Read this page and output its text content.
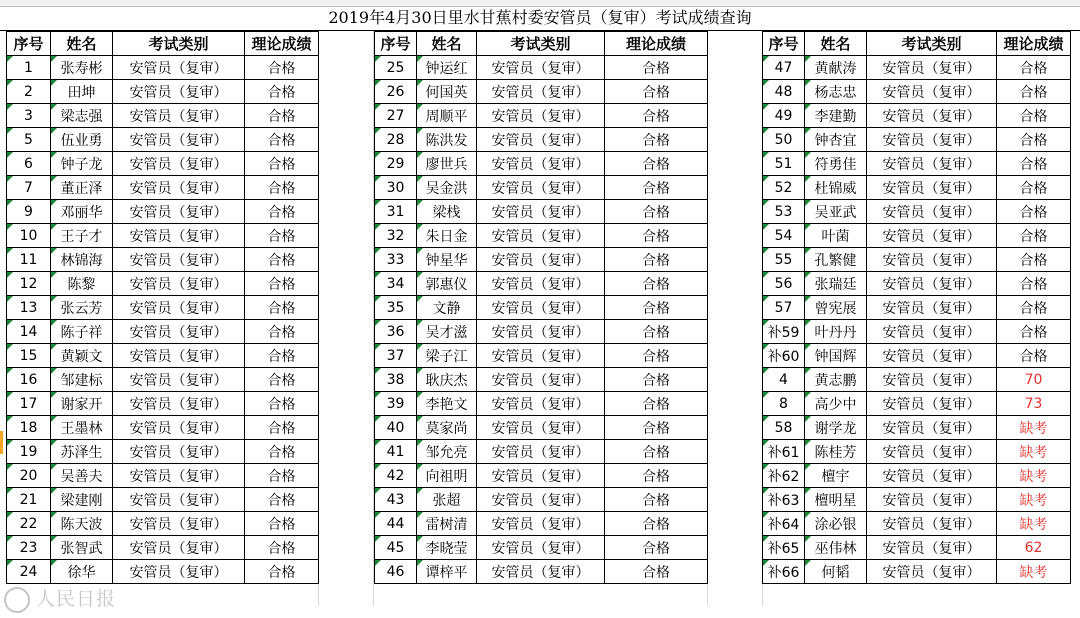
2019年4月30日里水甘蕉村委安管员（复审）考试成绩查询
序号	姓名	考试类别	理论成绩
1	张寿彬	安管员（复审）	合格
2	田坤	安管员（复审）	合格
3	梁志强	安管员（复审）	合格
5	伍业勇	安管员（复审）	合格
6	钟子龙	安管员（复审）	合格
7	董正泽	安管员（复审）	合格
9	邓丽华	安管员（复审）	合格
10	王子才	安管员（复审）	合格
11	林锦海	安管员（复审）	合格
12	陈黎	安管员（复审）	合格
13	张云芳	安管员（复审）	合格
14	陈子祥	安管员（复审）	合格
15	黄颖文	安管员（复审）	合格
16	邹建标	安管员（复审）	合格
17	谢家开	安管员（复审）	合格
18	王墨林	安管员（复审）	合格
19	苏泽生	安管员（复审）	合格
20	吴善夫	安管员（复审）	合格
21	梁建刚	安管员（复审）	合格
22	陈天波	安管员（复审）	合格
23	张智武	安管员（复审）	合格
24	徐华	安管员（复审）	合格
序号	姓名	考试类别	理论成绩
25	钟运红	安管员（复审）	合格
26	何国英	安管员（复审）	合格
27	周顺平	安管员（复审）	合格
28	陈洪发	安管员（复审）	合格
29	廖世兵	安管员（复审）	合格
30	吴金洪	安管员（复审）	合格
31	梁栈	安管员（复审）	合格
32	朱日金	安管员（复审）	合格
33	钟星华	安管员（复审）	合格
34	郭惠仪	安管员（复审）	合格
35	文静	安管员（复审）	合格
36	吴才滋	安管员（复审）	合格
37	梁子江	安管员（复审）	合格
38	耿庆杰	安管员（复审）	合格
39	李艳文	安管员（复审）	合格
40	莫家尚	安管员（复审）	合格
41	邹允亮	安管员（复审）	合格
42	向祖明	安管员（复审）	合格
43	张超	安管员（复审）	合格
44	雷树清	安管员（复审）	合格
45	李晓莹	安管员（复审）	合格
46	谭梓平	安管员（复审）	合格
序号	姓名	考试类别	理论成绩
47	黄献涛	安管员（复审）	合格
48	杨志忠	安管员（复审）	合格
49	李建勤	安管员（复审）	合格
50	钟杏宜	安管员（复审）	合格
51	符勇佳	安管员（复审）	合格
52	杜锦威	安管员（复审）	合格
53	吴亚武	安管员（复审）	合格
54	叶菌	安管员（复审）	合格
55	孔繁健	安管员（复审）	合格
56	张瑞廷	安管员（复审）	合格
57	曾宪展	安管员（复审）	合格
补59	叶丹丹	安管员（复审）	合格
补60	钟国辉	安管员（复审）	合格
4	黄志鹏	安管员（复审）	70
8	高少中	安管员（复审）	73
58	谢学龙	安管员（复审）	缺考
补61	陈桂芳	安管员（复审）	缺考
补62	檀宇	安管员（复审）	缺考
补63	檀明星	安管员（复审）	缺考
补64	涂必银	安管员（复审）	缺考
补65	巫伟林	安管员（复审）	62
补66	何韬	安管员（复审）	缺考
人民日报
